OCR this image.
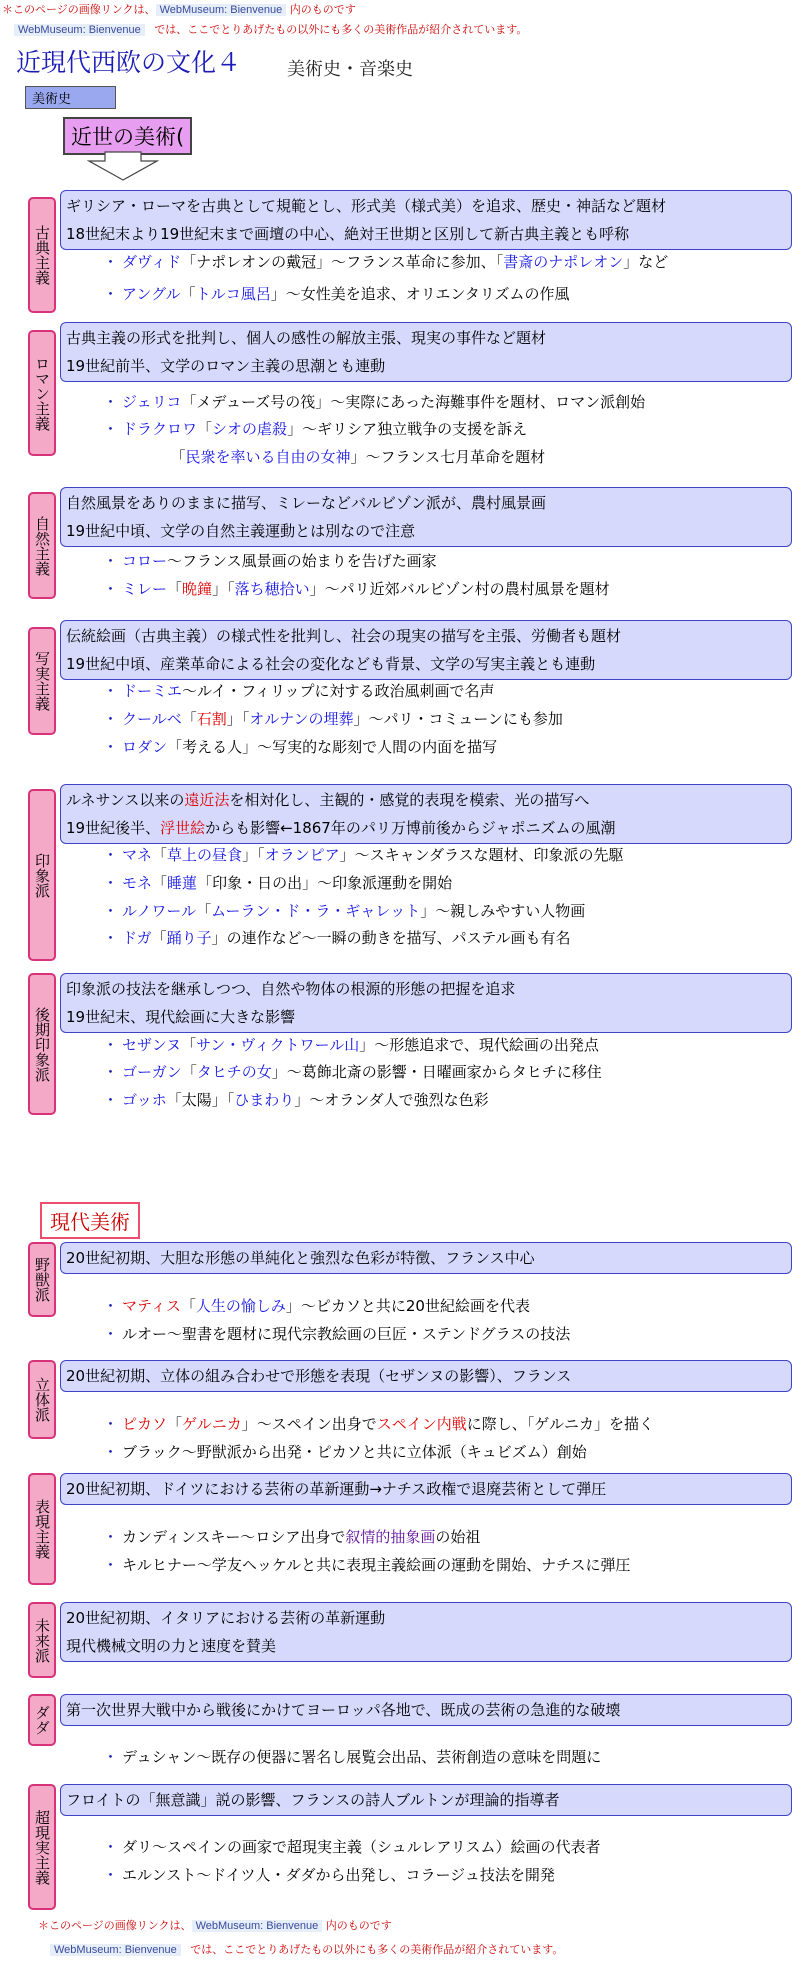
＊このページの画像リンクは、 WebMuseum: Bienvenue 内のものです
WebMuseum: Bienvenue では、ここでとりあげたもの以外にも多くの美術作品が紹介されています。
近現代西欧の文化４	美術史・音楽史
美術史
近世の美術(
現代美術
古典主義
ギリシア・ローマを古典として規範とし、形式美（様式美）を追求、歴史・神話など題材
18世紀末より19世紀末まで画壇の中心、絶対王世期と区別して新古典主義とも呼称
・ ダヴィド「ナポレオンの戴冠」～フランス革命に参加、「書斎のナポレオン」など
・ アングル「トルコ風呂」～女性美を追求、オリエンタリズムの作風
ロマン主義
古典主義の形式を批判し、個人の感性の解放主張、現実の事件など題材
19世紀前半、文学のロマン主義の思潮とも連動
・ ジェリコ「メデューズ号の筏」～実際にあった海難事件を題材、ロマン派創始
・ ドラクロワ「シオの虐殺」～ギリシア独立戦争の支援を訴え
　　　　　「民衆を率いる自由の女神」～フランス七月革命を題材
自然主義
自然風景をありのままに描写、ミレーなどバルビゾン派が、農村風景画
19世紀中頃、文学の自然主義運動とは別なので注意
・ コロー～フランス風景画の始まりを告げた画家
・ ミレー「晩鐘」「落ち穂拾い」～パリ近郊バルビゾン村の農村風景を題材
写実主義
伝統絵画（古典主義）の様式性を批判し、社会の現実の描写を主張、労働者も題材
19世紀中頃、産業革命による社会の変化なども背景、文学の写実主義とも連動
・ ドーミエ～ルイ・フィリップに対する政治風刺画で名声
・ クールベ「石割」「オルナンの埋葬」～パリ・コミューンにも参加
・ ロダン「考える人」～写実的な彫刻で人間の内面を描写
印象派
ルネサンス以来の遠近法を相対化し、主観的・感覚的表現を模索、光の描写へ
19世紀後半、浮世絵からも影響←1867年のパリ万博前後からジャポニズムの風潮
・ マネ「草上の昼食」「オランピア」～スキャンダラスな題材、印象派の先駆
・ モネ「睡蓮「印象・日の出」～印象派運動を開始
・ ルノワール「ムーラン・ド・ラ・ギャレット」～親しみやすい人物画
・ ドガ「踊り子」の連作など～一瞬の動きを描写、パステル画も有名
後期印象派
印象派の技法を継承しつつ、自然や物体の根源的形態の把握を追求
19世紀末、現代絵画に大きな影響
・ セザンヌ「サン・ヴィクトワール山」～形態追求で、現代絵画の出発点
・ ゴーガン「タヒチの女」～葛飾北斎の影響・日曜画家からタヒチに移住
・ ゴッホ「太陽」「ひまわり」～オランダ人で強烈な色彩
野獣派	20世紀初期、大胆な形態の単純化と強烈な色彩が特徴、フランス中心
・ マティス「人生の愉しみ」～ピカソと共に20世紀絵画を代表
・ ルオー～聖書を題材に現代宗教絵画の巨匠・ステンドグラスの技法
立体派
20世紀初期、立体の組み合わせで形態を表現（セザンヌの影響）、フランス
・ ピカソ「ゲルニカ」～スペイン出身でスペイン内戦に際し、「ゲルニカ」を描く
・ ブラック～野獣派から出発・ピカソと共に立体派（キュビズム）創始
表現主義
20世紀初期、ドイツにおける芸術の革新運動→ナチス政権で退廃芸術として弾圧
・ カンディンスキー～ロシア出身で叙情的抽象画の始祖
・ キルヒナー～学友ヘッケルと共に表現主義絵画の運動を開始、ナチスに弾圧
未来派	20世紀初期、イタリアにおける芸術の革新運動
現代機械文明の力と速度を賛美
ダダ	第一次世界大戦中から戦後にかけてヨーロッパ各地で、既成の芸術の急進的な破壊
・ デュシャン～既存の便器に署名し展覧会出品、芸術創造の意味を問題に
超現実主義
フロイトの「無意識」説の影響、フランスの詩人ブルトンが理論的指導者
・ ダリ～スペインの画家で超現実主義（シュルレアリスム）絵画の代表者
・ エルンスト～ドイツ人・ダダから出発し、コラージュ技法を開発
＊このページの画像リンクは、 WebMuseum: Bienvenue 内のものです
WebMuseum: Bienvenue では、ここでとりあげたもの以外にも多くの美術作品が紹介されています。
